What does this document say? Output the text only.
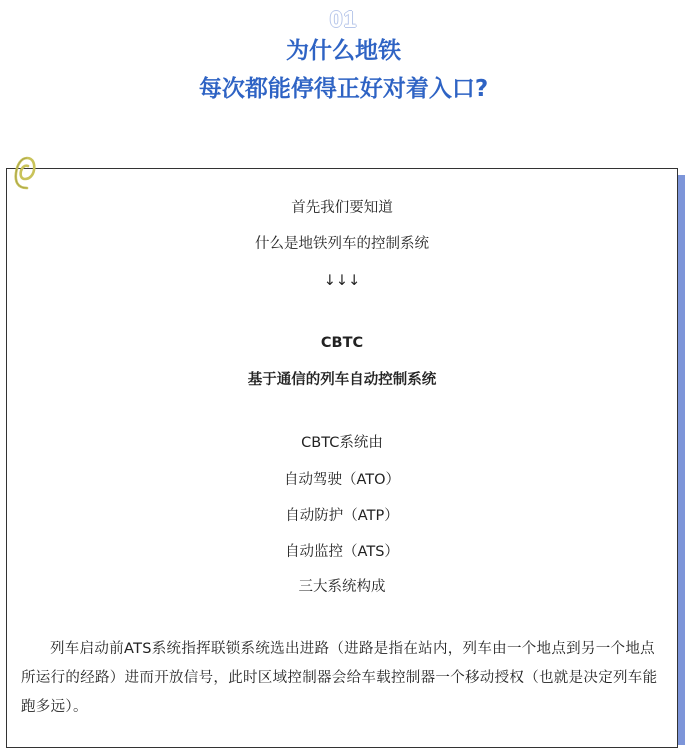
01
为什么地铁
每次都能停得正好对着入口?
首先我们要知道
什么是地铁列车的控制系统
↓↓↓
CBTC
基于通信的列车自动控制系统
CBTC系统由
自动驾驶（ATO）
自动防护（ATP）
自动监控（ATS）
三大系统构成
列车启动前ATS系统指挥联锁系统选出进路（进路是指在站内，列车由一个地点到另一个地点所运行的经路）进而开放信号，此时区域控制器会给车载控制器一个移动授权（也就是决定列车能跑多远）。
